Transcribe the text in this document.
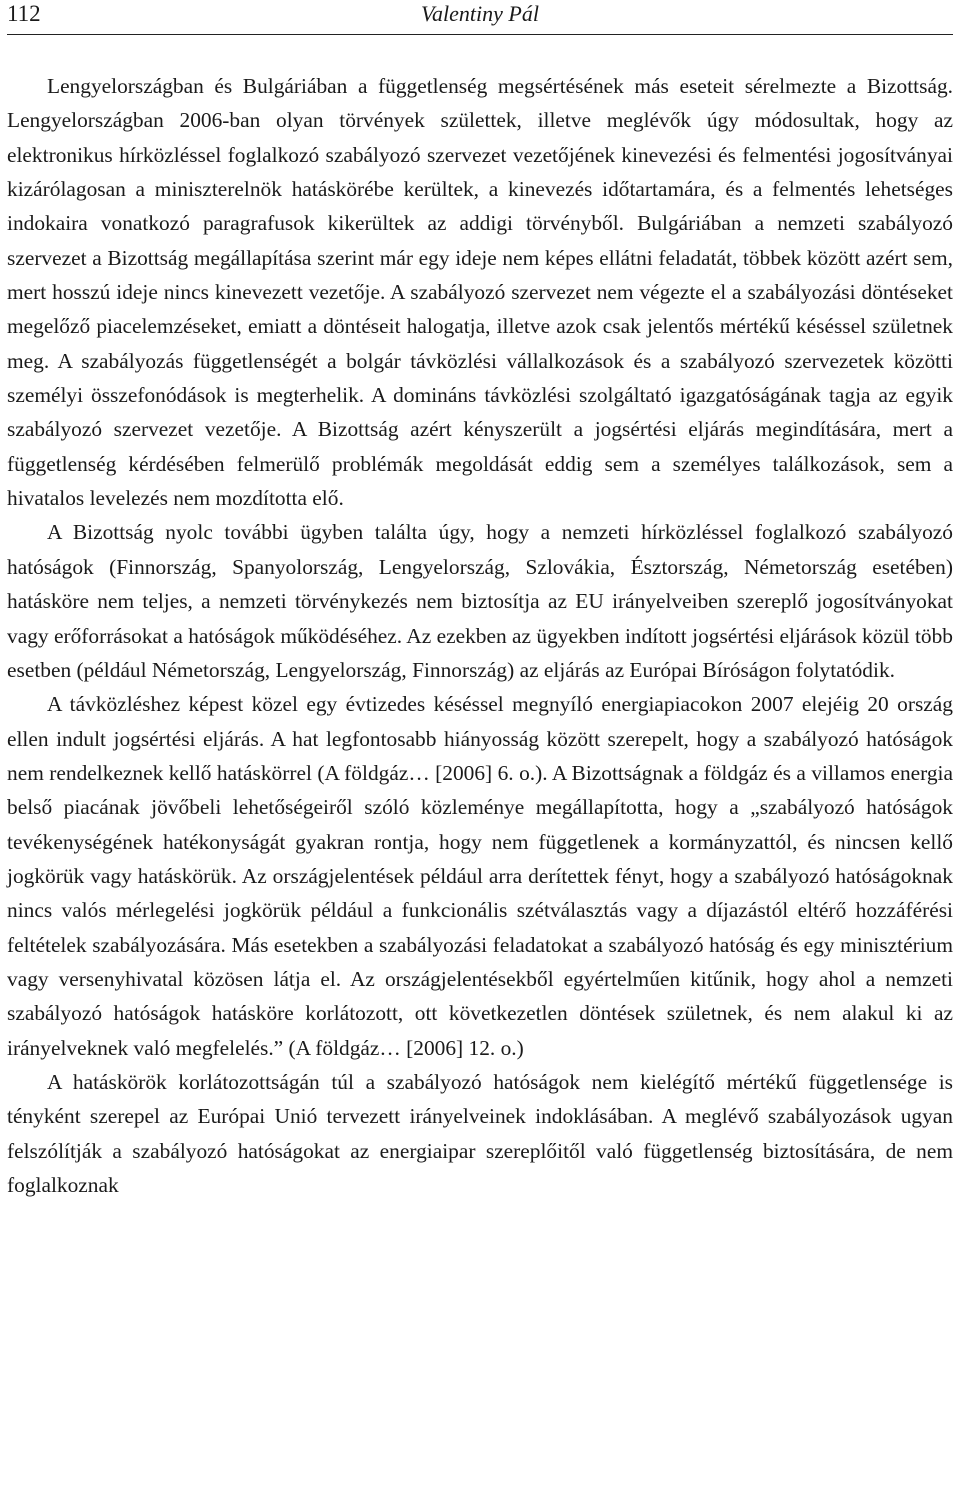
112	Valentiny Pál

Lengyelországban és Bulgáriában a függetlenség megsértésének más eseteit sérelmezte a Bizottság. Lengyelországban 2006-ban olyan törvények születtek, illetve meglévők úgy módosultak, hogy az elektronikus hírközléssel foglalkozó szabályozó szervezet vezetőjének kinevezési és felmentési jogosítványai kizárólagosan a miniszterelnök hatáskörébe kerültek, a kinevezés időtartamára, és a felmentés lehetséges indokaira vonatkozó paragrafusok kikerültek az addigi törvényből. Bulgáriában a nemzeti szabályozó szervezet a Bizottság megállapítása szerint már egy ideje nem képes ellátni feladatát, többek között azért sem, mert hosszú ideje nincs kinevezett vezetője. A szabályozó szervezet nem végezte el a szabályozási döntéseket megelőző piacelemzéseket, emiatt a döntéseit halogatja, illetve azok csak jelentős mértékű késéssel születnek meg. A szabályozás függetlenségét a bolgár távközlési vállalkozások és a szabályozó szervezetek közötti személyi összefonódások is megterhelik. A domináns távközlési szolgáltató igazgatóságának tagja az egyik szabályozó szervezet vezetője. A Bizottság azért kényszerült a jogsértési eljárás megindítására, mert a függetlenség kérdésében felmerülő problémák megoldását eddig sem a személyes találkozások, sem a hivatalos levelezés nem mozdította elő.

A Bizottság nyolc további ügyben találta úgy, hogy a nemzeti hírközléssel foglalkozó szabályozó hatóságok (Finnország, Spanyolország, Lengyelország, Szlovákia, Észtország, Németország esetében) hatásköre nem teljes, a nemzeti törvénykezés nem biztosítja az EU irányelveiben szereplő jogosítványokat vagy erőforrásokat a hatóságok működéséhez. Az ezekben az ügyekben indított jogsértési eljárások közül több esetben (például Németország, Lengyelország, Finnország) az eljárás az Európai Bíróságon folytatódik.

A távközléshez képest közel egy évtizedes késéssel megnyíló energiapiacokon 2007 elejéig 20 ország ellen indult jogsértési eljárás. A hat legfontosabb hiányosság között szerepelt, hogy a szabályozó hatóságok nem rendelkeznek kellő hatáskörrel (A földgáz… [2006] 6. o.). A Bizottságnak a földgáz és a villamos energia belső piacának jövőbeli lehetőségeiről szóló közleménye megállapította, hogy a „szabályozó hatóságok tevékenységének hatékonyságát gyakran rontja, hogy nem függetlenek a kormányzattól, és nincsen kellő jogkörük vagy hatáskörük. Az országjelentések például arra derítettek fényt, hogy a szabályozó hatóságoknak nincs valós mérlegelési jogkörük például a funkcionális szétválasztás vagy a díjazástól eltérő hozzáférési feltételek szabályozására. Más esetekben a szabályozási feladatokat a szabályozó hatóság és egy minisztérium vagy versenyhivatal közösen látja el. Az országjelentésekből egyértelműen kitűnik, hogy ahol a nemzeti szabályozó hatóságok hatásköre korlátozott, ott következetlen döntések születnek, és nem alakul ki az irányelveknek való megfelelés.” (A földgáz… [2006] 12. o.)

A hatáskörök korlátozottságán túl a szabályozó hatóságok nem kielégítő mértékű függetlensége is tényként szerepel az Európai Unió tervezett irányelveinek indoklásában. A meglévő szabályozások ugyan felszólítják a szabályozó hatóságokat az energiaipar szereplőitől való függetlenség biztosítására, de nem foglalkoznak
